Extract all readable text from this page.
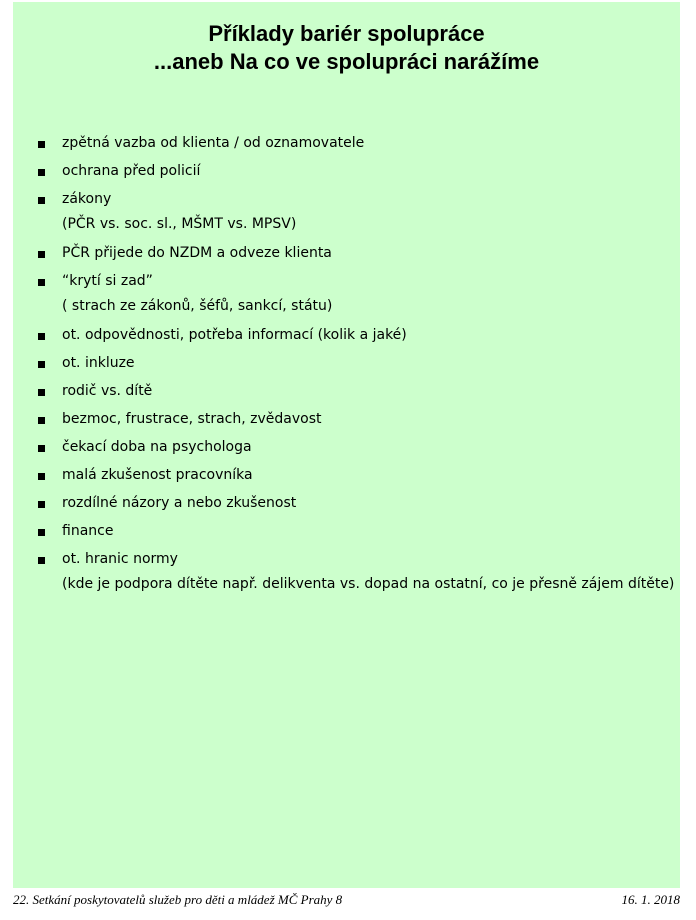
Příklady bariér spolupráce
...aneb Na co ve spolupráci narážíme
zpětná vazba od klienta / od oznamovatele
ochrana před policií
zákony
(PČR vs. soc. sl., MŠMT vs. MPSV)
PČR přijede do NZDM a odveze klienta
“krytí si zad”
( strach ze zákonů, šéfů, sankcí, státu)
ot. odpovědnosti, potřeba informací (kolik a jaké)
ot. inkluze
rodič vs. dítě
bezmoc, frustrace, strach, zvědavost
čekací doba na psychologa
malá zkušenost pracovníka
rozdílné názory a nebo zkušenost
finance
ot. hranic normy
(kde je podpora dítěte např. delikventa vs. dopad na ostatní, co je přesně zájem dítěte)
22. Setkání poskytovatelů služeb pro děti a mládež MČ Prahy 8	16. 1. 2018
